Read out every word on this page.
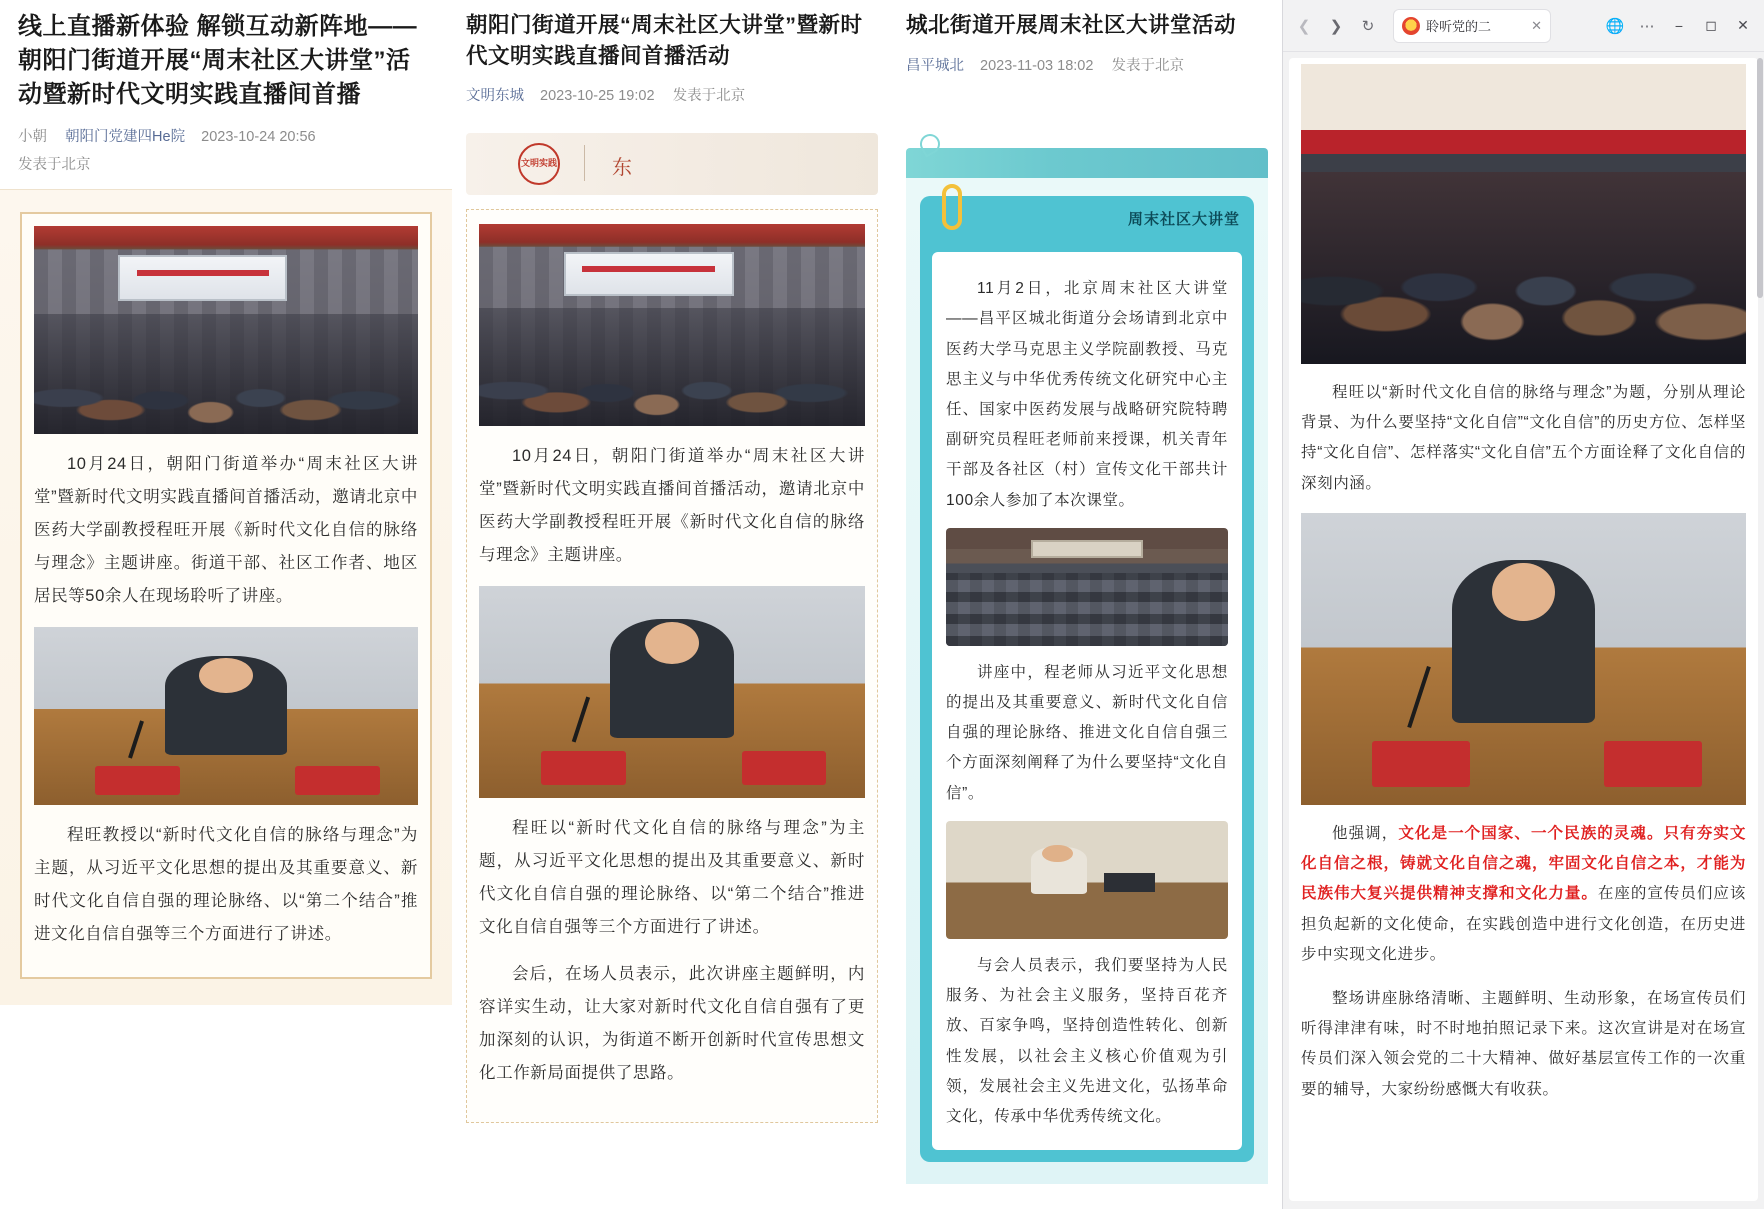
线上直播新体验 解锁互动新阵地——朝阳门街道开展“周末社区大讲堂”活动暨新时代文明实践直播间首播
小朝 朝阳门党建四He院 2023-10-24 20:56
发表于北京
10月24日，朝阳门街道举办“周末社区大讲堂”暨新时代文明实践直播间首播活动，邀请北京中医药大学副教授程旺开展《新时代文化自信的脉络与理念》主题讲座。街道干部、社区工作者、地区居民等50余人在现场聆听了讲座。
程旺教授以“新时代文化自信的脉络与理念”为主题，从习近平文化思想的提出及其重要意义、新时代文化自信自强的理论脉络、以“第二个结合”推进文化自信自强等三个方面进行了讲述。
朝阳门街道开展“周末社区大讲堂”暨新时代文明实践直播间首播活动
文明东城 2023-10-25 19:02 发表于北京
文明实践	东
10月24日，朝阳门街道举办“周末社区大讲堂”暨新时代文明实践直播间首播活动，邀请北京中医药大学副教授程旺开展《新时代文化自信的脉络与理念》主题讲座。
程旺以“新时代文化自信的脉络与理念”为主题，从习近平文化思想的提出及其重要意义、新时代文化自信自强的理论脉络、以“第二个结合”推进文化自信自强等三个方面进行了讲述。
会后，在场人员表示，此次讲座主题鲜明，内容详实生动，让大家对新时代文化自信自强有了更加深刻的认识，为街道不断开创新时代宣传思想文化工作新局面提供了思路。
城北街道开展周末社区大讲堂活动
昌平城北 2023-11-03 18:02 发表于北京
周末社区大讲堂
11月2日，北京周末社区大讲堂——昌平区城北街道分会场请到北京中医药大学马克思主义学院副教授、马克思主义与中华优秀传统文化研究中心主任、国家中医药发展与战略研究院特聘副研究员程旺老师前来授课，机关青年干部及各社区（村）宣传文化干部共计100余人参加了本次课堂。
讲座中，程老师从习近平文化思想的提出及其重要意义、新时代文化自信自强的理论脉络、推进文化自信自强三个方面深刻阐释了为什么要坚持“文化自信”。
与会人员表示，我们要坚持为人民服务、为社会主义服务，坚持百花齐放、百家争鸣，坚持创造性转化、创新性发展，以社会主义核心价值观为引领，发展社会主义先进文化，弘扬革命文化，传承中华优秀传统文化。
❮	❯	↻	聆听党的二	✕	🌐	⋯	−	◻	✕
程旺以“新时代文化自信的脉络与理念”为题，分别从理论背景、为什么要坚持“文化自信”“文化自信”的历史方位、怎样坚持“文化自信”、怎样落实“文化自信”五个方面诠释了文化自信的深刻内涵。
他强调，文化是一个国家、一个民族的灵魂。只有夯实文化自信之根，铸就文化自信之魂，牢固文化自信之本，才能为民族伟大复兴提供精神支撑和文化力量。在座的宣传员们应该担负起新的文化使命，在实践创造中进行文化创造，在历史进步中实现文化进步。
整场讲座脉络清晰、主题鲜明、生动形象，在场宣传员们听得津津有味，时不时地拍照记录下来。这次宣讲是对在场宣传员们深入领会党的二十大精神、做好基层宣传工作的一次重要的辅导，大家纷纷感慨大有收获。
